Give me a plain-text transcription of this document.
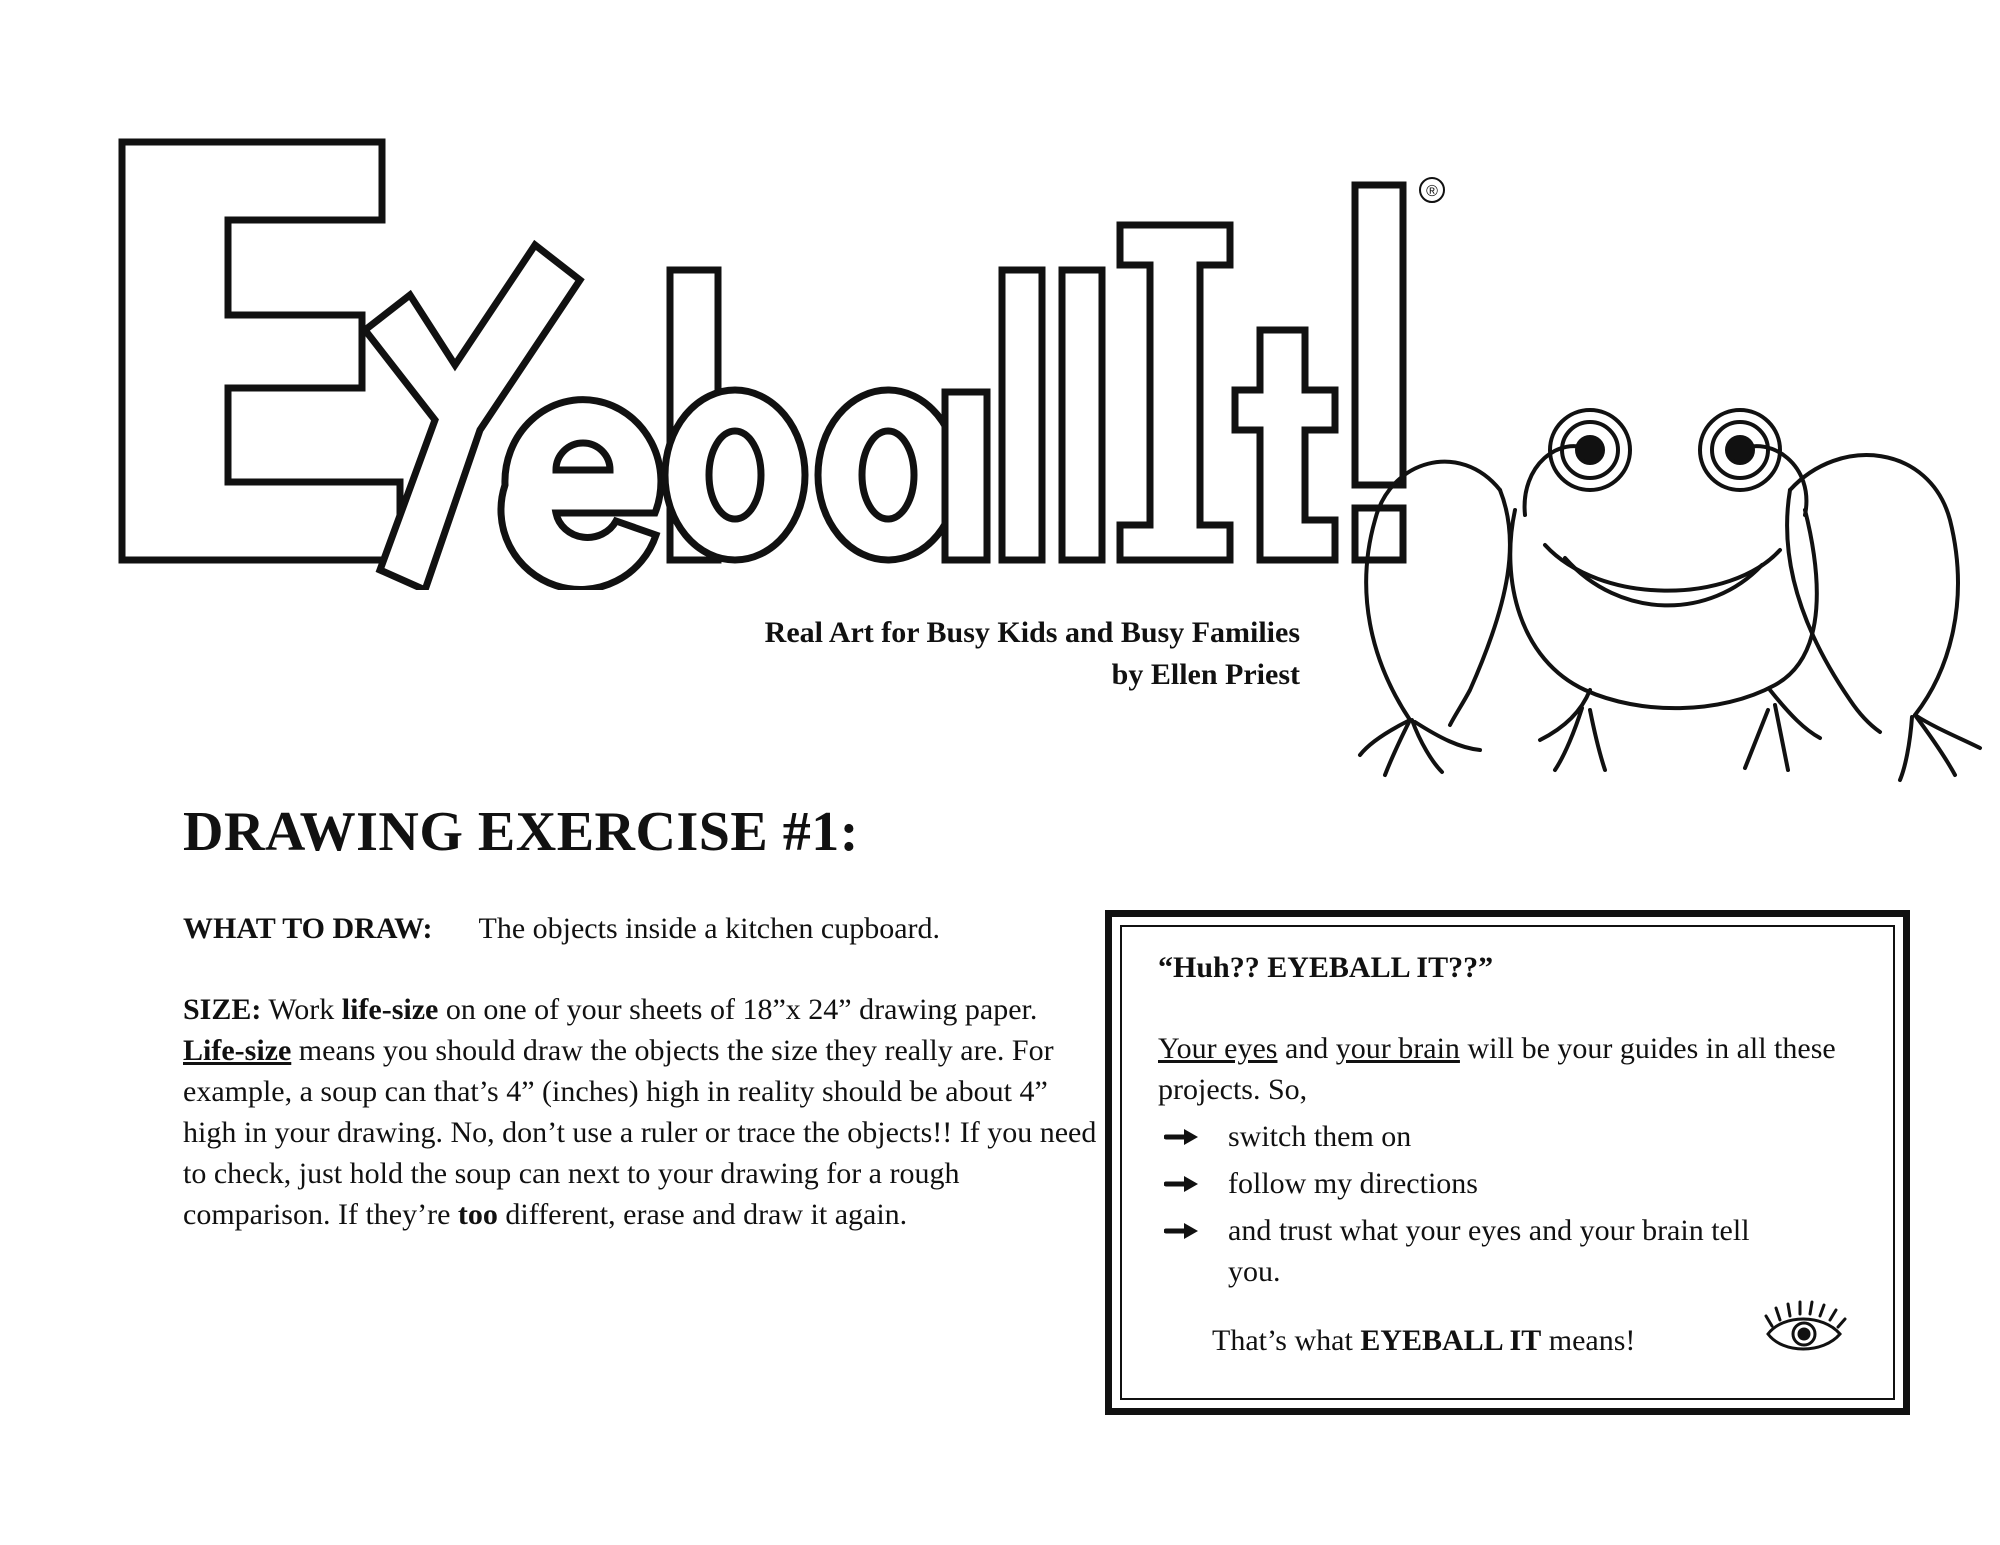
®
Real Art for Busy Kids and Busy Families
by Ellen Priest
DRAWING EXERCISE #1:

WHAT TO DRAW: The objects inside a kitchen cupboard.

SIZE: Work life-size on one of your sheets of 18”x 24” drawing paper. Life-size means you should draw the objects the size they really are. For example, a soup can that’s 4” (inches) high in reality should be about 4” high in your drawing. No, don’t use a ruler or trace the objects!! If you need to check, just hold the soup can next to your drawing for a rough comparison. If they’re too different, erase and draw it again.

“Huh?? EYEBALL IT??”
Your eyes and your brain will be your guides in all these projects. So,
switch them on
follow my directions
and trust what your eyes and your brain tell you.
That’s what EYEBALL IT means!
